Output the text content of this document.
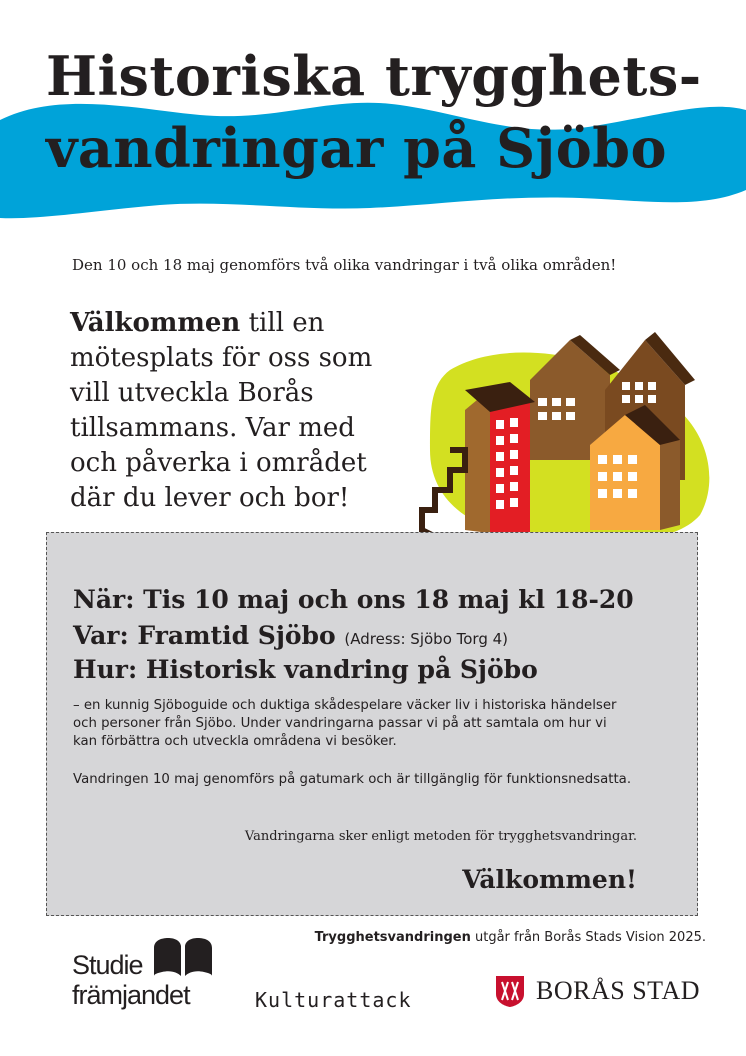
Historiska trygghets-
vandringar på Sjöbo
Den 10 och 18 maj genomförs två olika vandringar i två olika områden!
Välkommen till en mötesplats för oss som vill utveckla Borås tillsammans. Var med och påverka i området där du lever och bor!
När: Tis 10 maj och ons 18 maj kl 18-20
Var: Framtid Sjöbo (Adress: Sjöbo Torg 4)
Hur: Historisk vandring på Sjöbo
– en kunnig Sjöboguide och duktiga skådespelare väcker liv i historiska händelser och personer från Sjöbo. Under vandringarna passar vi på att samtala om hur vi kan förbättra och utveckla områdena vi besöker.
Vandringen 10 maj genomförs på gatumark och är tillgänglig för funktionsnedsatta.
Vandringarna sker enligt metoden för trygghetsvandringar.
Välkommen!
Trygghetsvandringen utgår från Borås Stads Vision 2025.
Studie
främjandet	Kulturattack	BORÅS STAD
